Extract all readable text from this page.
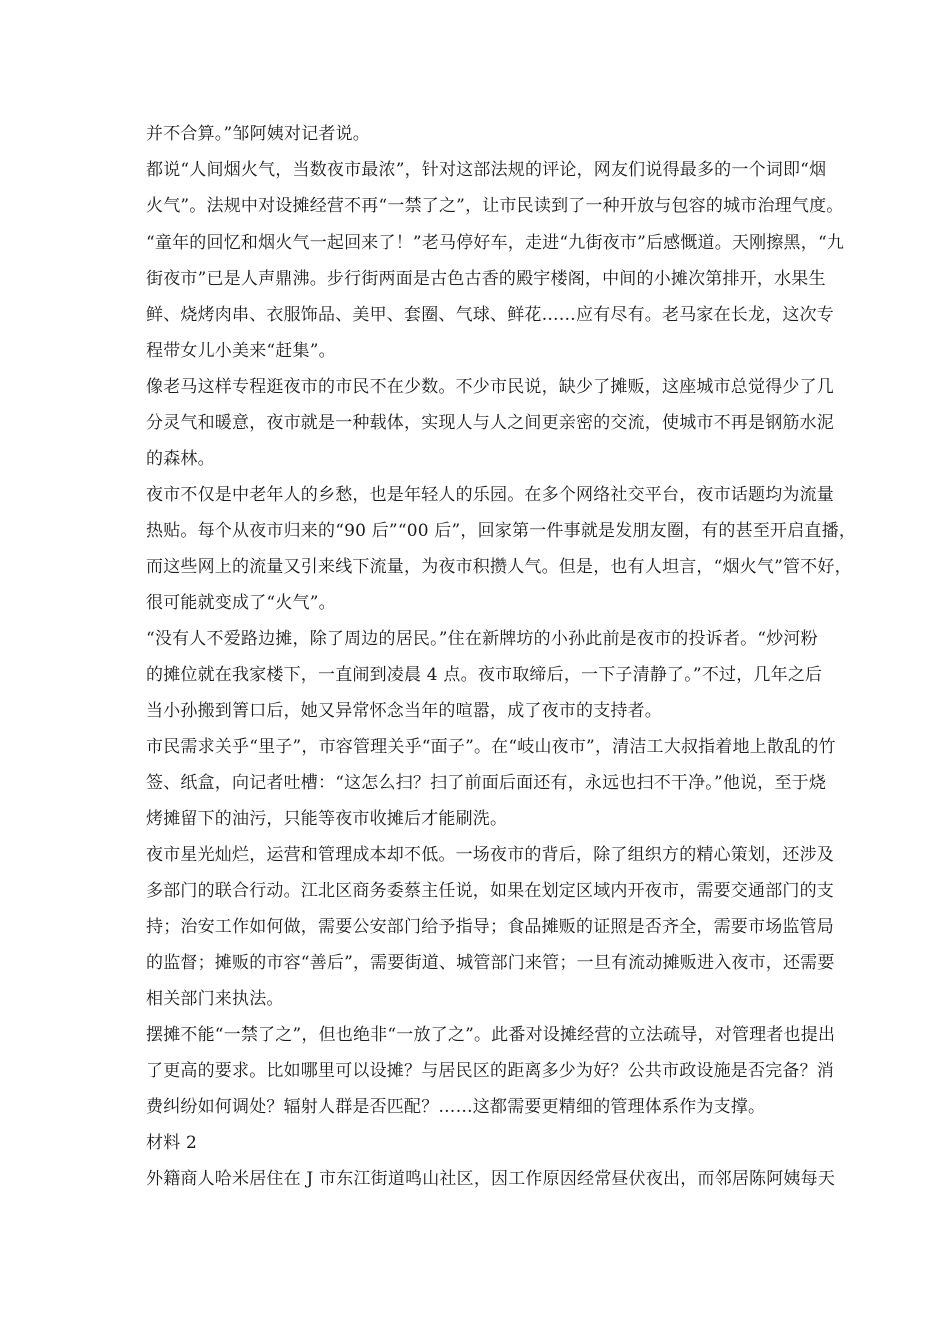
并不合算。”邹阿姨对记者说。
都说“人间烟火气，当数夜市最浓”，针对这部法规的评论，网友们说得最多的一个词即“烟
火气”。法规中对设摊经营不再“一禁了之”，让市民读到了一种开放与包容的城市治理气度。
“童年的回忆和烟火气一起回来了！”老马停好车，走进“九街夜市”后感慨道。天刚擦黑，“九
街夜市”已是人声鼎沸。步行街两面是古色古香的殿宇楼阁，中间的小摊次第排开，水果生
鲜、烧烤肉串、衣服饰品、美甲、套圈、气球、鲜花……应有尽有。老马家在长龙，这次专
程带女儿小美来“赶集”。
像老马这样专程逛夜市的市民不在少数。不少市民说，缺少了摊贩，这座城市总觉得少了几
分灵气和暖意，夜市就是一种载体，实现人与人之间更亲密的交流，使城市不再是钢筋水泥
的森林。
夜市不仅是中老年人的乡愁，也是年轻人的乐园。在多个网络社交平台，夜市话题均为流量
热贴。每个从夜市归来的“90 后”“00 后”，回家第一件事就是发朋友圈，有的甚至开启直播，
而这些网上的流量又引来线下流量，为夜市积攒人气。但是，也有人坦言，“烟火气”管不好，
很可能就变成了“火气”。
“没有人不爱路边摊，除了周边的居民。”住在新牌坊的小孙此前是夜市的投诉者。“炒河粉
的摊位就在我家楼下，一直闹到凌晨 4 点。夜市取缔后，一下子清静了。”不过，几年之后
当小孙搬到箐口后，她又异常怀念当年的喧嚣，成了夜市的支持者。
市民需求关乎“里子”，市容管理关乎“面子”。在“岐山夜市”，清洁工大叔指着地上散乱的竹
签、纸盒，向记者吐槽：“这怎么扫？扫了前面后面还有，永远也扫不干净。”他说，至于烧
烤摊留下的油污，只能等夜市收摊后才能刷洗。
夜市星光灿烂，运营和管理成本却不低。一场夜市的背后，除了组织方的精心策划，还涉及
多部门的联合行动。江北区商务委蔡主任说，如果在划定区域内开夜市，需要交通部门的支
持；治安工作如何做，需要公安部门给予指导；食品摊贩的证照是否齐全，需要市场监管局
的监督；摊贩的市容“善后”，需要街道、城管部门来管；一旦有流动摊贩进入夜市，还需要
相关部门来执法。
摆摊不能“一禁了之”，但也绝非“一放了之”。此番对设摊经营的立法疏导，对管理者也提出
了更高的要求。比如哪里可以设摊？与居民区的距离多少为好？公共市政设施是否完备？消
费纠纷如何调处？辐射人群是否匹配？……这都需要更精细的管理体系作为支撑。
材料 2
外籍商人哈米居住在 J 市东江街道鸣山社区，因工作原因经常昼伏夜出，而邻居陈阿姨每天
